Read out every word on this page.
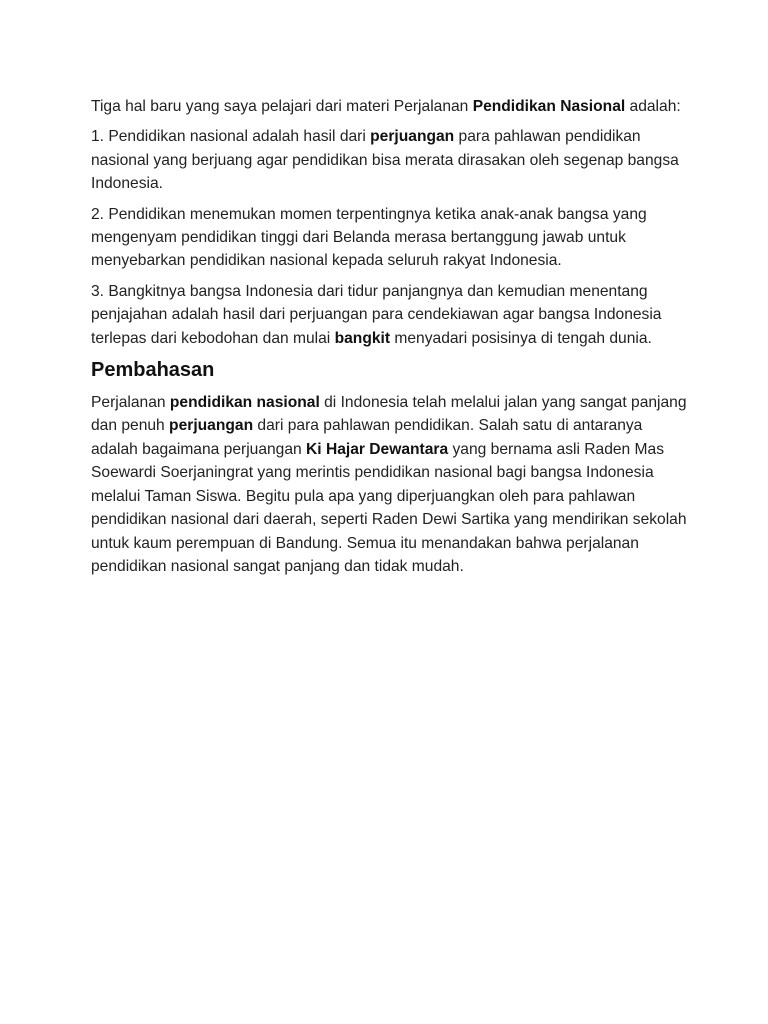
Tiga hal baru yang saya pelajari dari materi Perjalanan Pendidikan Nasional adalah:

1. Pendidikan nasional adalah hasil dari perjuangan para pahlawan pendidikan nasional yang berjuang agar pendidikan bisa merata dirasakan oleh segenap bangsa Indonesia.

2. Pendidikan menemukan momen terpentingnya ketika anak-anak bangsa yang mengenyam pendidikan tinggi dari Belanda merasa bertanggung jawab untuk menyebarkan pendidikan nasional kepada seluruh rakyat Indonesia.

3. Bangkitnya bangsa Indonesia dari tidur panjangnya dan kemudian menentang penjajahan adalah hasil dari perjuangan para cendekiawan agar bangsa Indonesia terlepas dari kebodohan dan mulai bangkit menyadari posisinya di tengah dunia.

Pembahasan

Perjalanan pendidikan nasional di Indonesia telah melalui jalan yang sangat panjang dan penuh perjuangan dari para pahlawan pendidikan. Salah satu di antaranya adalah bagaimana perjuangan Ki Hajar Dewantara yang bernama asli Raden Mas Soewardi Soerjaningrat yang merintis pendidikan nasional bagi bangsa Indonesia melalui Taman Siswa. Begitu pula apa yang diperjuangkan oleh para pahlawan pendidikan nasional dari daerah, seperti Raden Dewi Sartika yang mendirikan sekolah untuk kaum perempuan di Bandung. Semua itu menandakan bahwa perjalanan pendidikan nasional sangat panjang dan tidak mudah.
